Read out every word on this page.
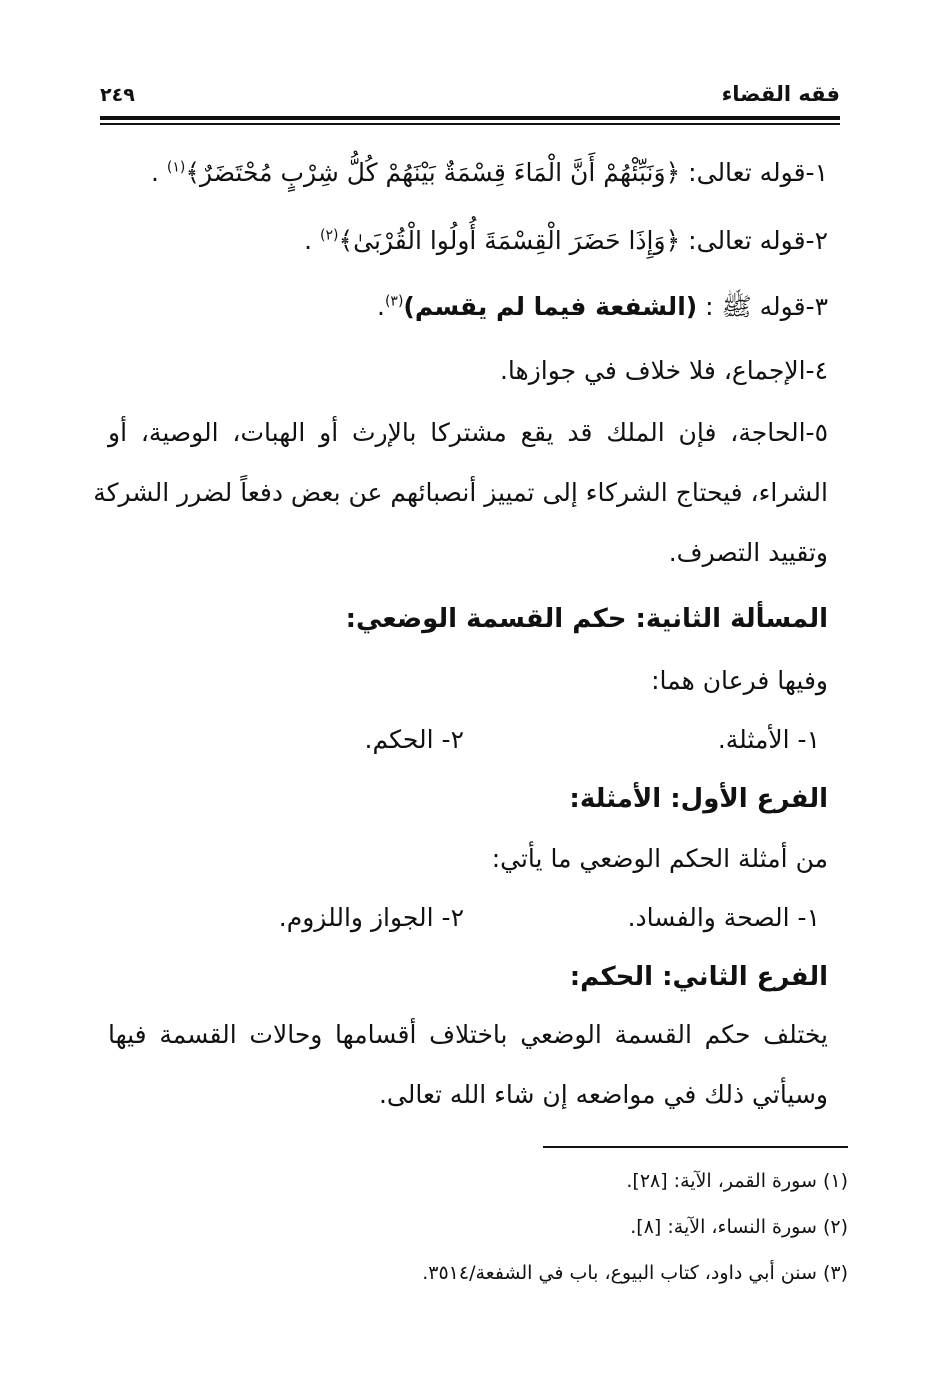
فقه القضاء
٢٤٩
١-قوله تعالى: ﴿وَنَبِّئْهُمْ أَنَّ الْمَاءَ قِسْمَةٌ بَيْنَهُمْ كُلُّ شِرْبٍ مُحْتَضَرٌ﴾$^{(١)}$ .
٢-قوله تعالى: ﴿وَإِذَا حَضَرَ الْقِسْمَةَ أُولُوا الْقُرْبَىٰ﴾$^{(٢)}$ .
٣-قوله ﷺ : (الشفعة فيما لم يقسم)$^{(٣)}$.
٤-الإجماع، فلا خلاف في جوازها.
٥-الحاجة، فإن الملك قد يقع مشتركا بالإرث أو الهبات، الوصية، أو
الشراء، فيحتاج الشركاء إلى تمييز أنصبائهم عن بعض دفعاً لضرر الشركة
وتقييد التصرف.
المسألة الثانية: حكم القسمة الوضعي:
وفيها فرعان هما:
١- الأمثلة.
٢- الحكم.
الفرع الأول: الأمثلة:
من أمثلة الحكم الوضعي ما يأتي:
١- الصحة والفساد.
٢- الجواز واللزوم.
الفرع الثاني: الحكم:
يختلف حكم القسمة الوضعي باختلاف أقسامها وحالات القسمة فيها
وسيأتي ذلك في مواضعه إن شاء الله تعالى.
(١) سورة القمر، الآية: [٢٨].
(٢) سورة النساء، الآية: [٨].
(٣) سنن أبي داود، كتاب البيوع، باب في الشفعة/٣٥١٤.
